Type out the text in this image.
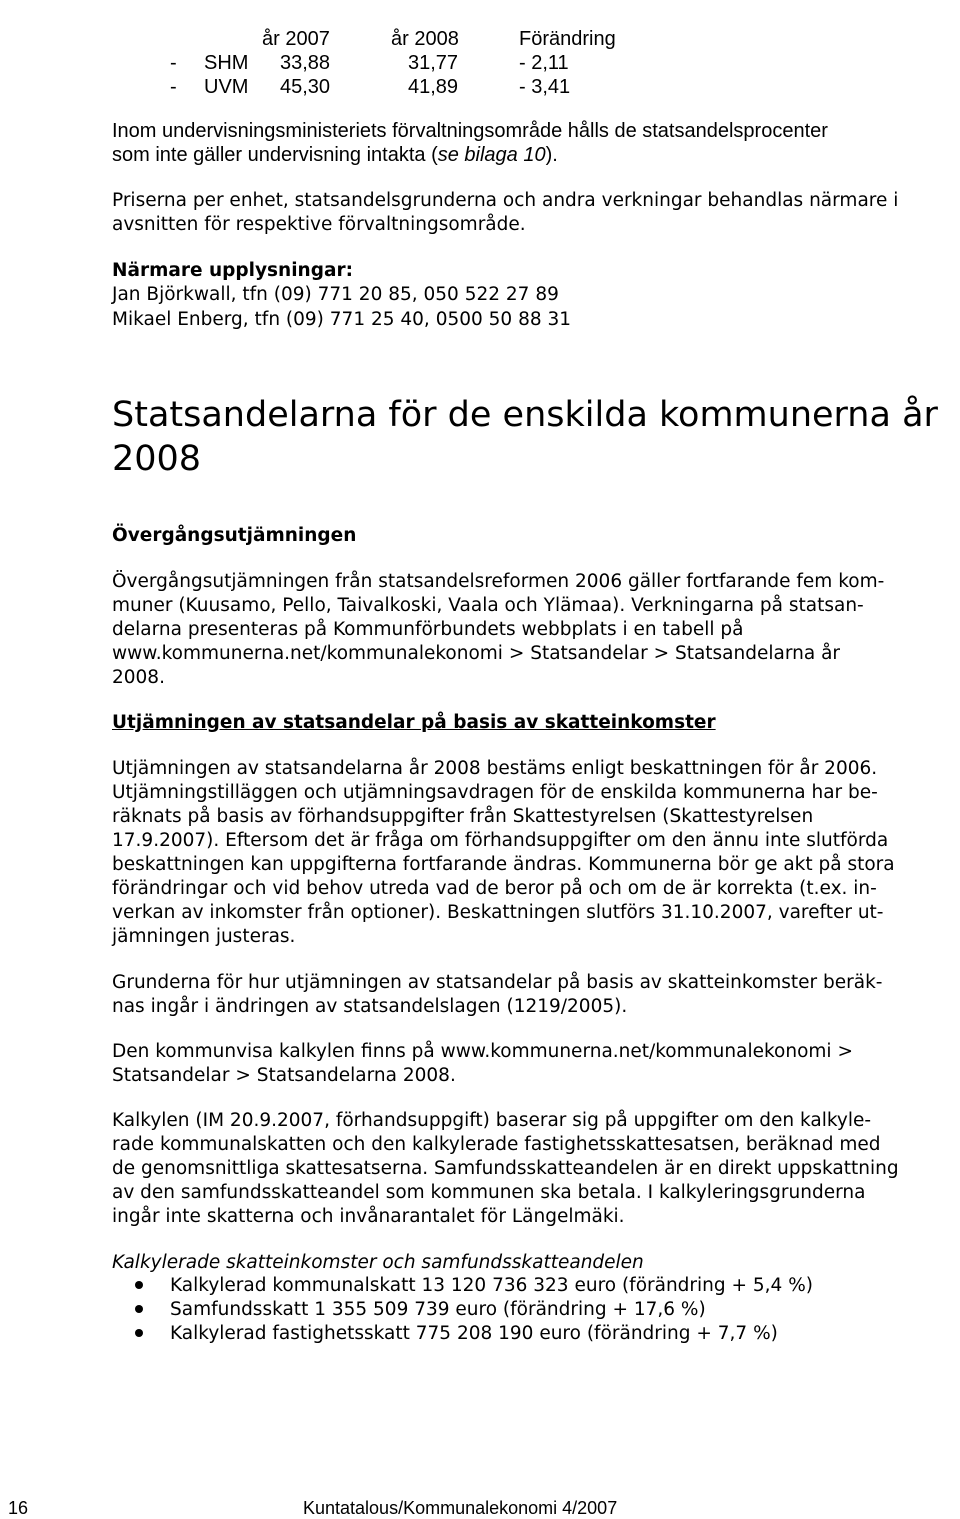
år 2007	år 2008	Förändring
- SHM 33,88	31,77	- 2,11
- UVM 45,30	41,89	- 3,41
Inom undervisningsministeriets förvaltningsområde hålls de statsandelsprocenter
som inte gäller undervisning intakta (se bilaga 10).
Priserna per enhet, statsandelsgrunderna och andra verkningar behandlas närmare i
avsnitten för respektive förvaltningsområde.
Närmare upplysningar:
Jan Björkwall, tfn (09) 771 20 85, 050 522 27 89
Mikael Enberg, tfn (09) 771 25 40, 0500 50 88 31
Statsandelarna för de enskilda kommunerna år
2008
Övergångsutjämningen
Övergångsutjämningen från statsandelsreformen 2006 gäller fortfarande fem kom-
muner (Kuusamo, Pello, Taivalkoski, Vaala och Ylämaa). Verkningarna på statsan-
delarna presenteras på Kommunförbundets webbplats i en tabell på
www.kommunerna.net/kommunalekonomi > Statsandelar > Statsandelarna år
2008.
Utjämningen av statsandelar på basis av skatteinkomster
Utjämningen av statsandelarna år 2008 bestäms enligt beskattningen för år 2006.
Utjämningstilläggen och utjämningsavdragen för de enskilda kommunerna har be-
räknats på basis av förhandsuppgifter från Skattestyrelsen (Skattestyrelsen
17.9.2007). Eftersom det är fråga om förhandsuppgifter om den ännu inte slutförda
beskattningen kan uppgifterna fortfarande ändras. Kommunerna bör ge akt på stora
förändringar och vid behov utreda vad de beror på och om de är korrekta (t.ex. in-
verkan av inkomster från optioner). Beskattningen slutförs 31.10.2007, varefter ut-
jämningen justeras.
Grunderna för hur utjämningen av statsandelar på basis av skatteinkomster beräk-
nas ingår i ändringen av statsandelslagen (1219/2005).
Den kommunvisa kalkylen finns på www.kommunerna.net/kommunalekonomi >
Statsandelar > Statsandelarna 2008.
Kalkylen (IM 20.9.2007, förhandsuppgift) baserar sig på uppgifter om den kalkyle-
rade kommunalskatten och den kalkylerade fastighetsskattesatsen, beräknad med
de genomsnittliga skattesatserna. Samfundsskatteandelen är en direkt uppskattning
av den samfundsskatteandel som kommunen ska betala. I kalkyleringsgrunderna
ingår inte skatterna och invånarantalet för Längelmäki.
Kalkylerade skatteinkomster och samfundsskatteandelen
Kalkylerad kommunalskatt 13 120 736 323 euro (förändring + 5,4 %)
Samfundsskatt 1 355 509 739 euro (förändring + 17,6 %)
Kalkylerad fastighetsskatt 775 208 190 euro (förändring + 7,7 %)
16	Kuntatalous/Kommunalekonomi 4/2007
